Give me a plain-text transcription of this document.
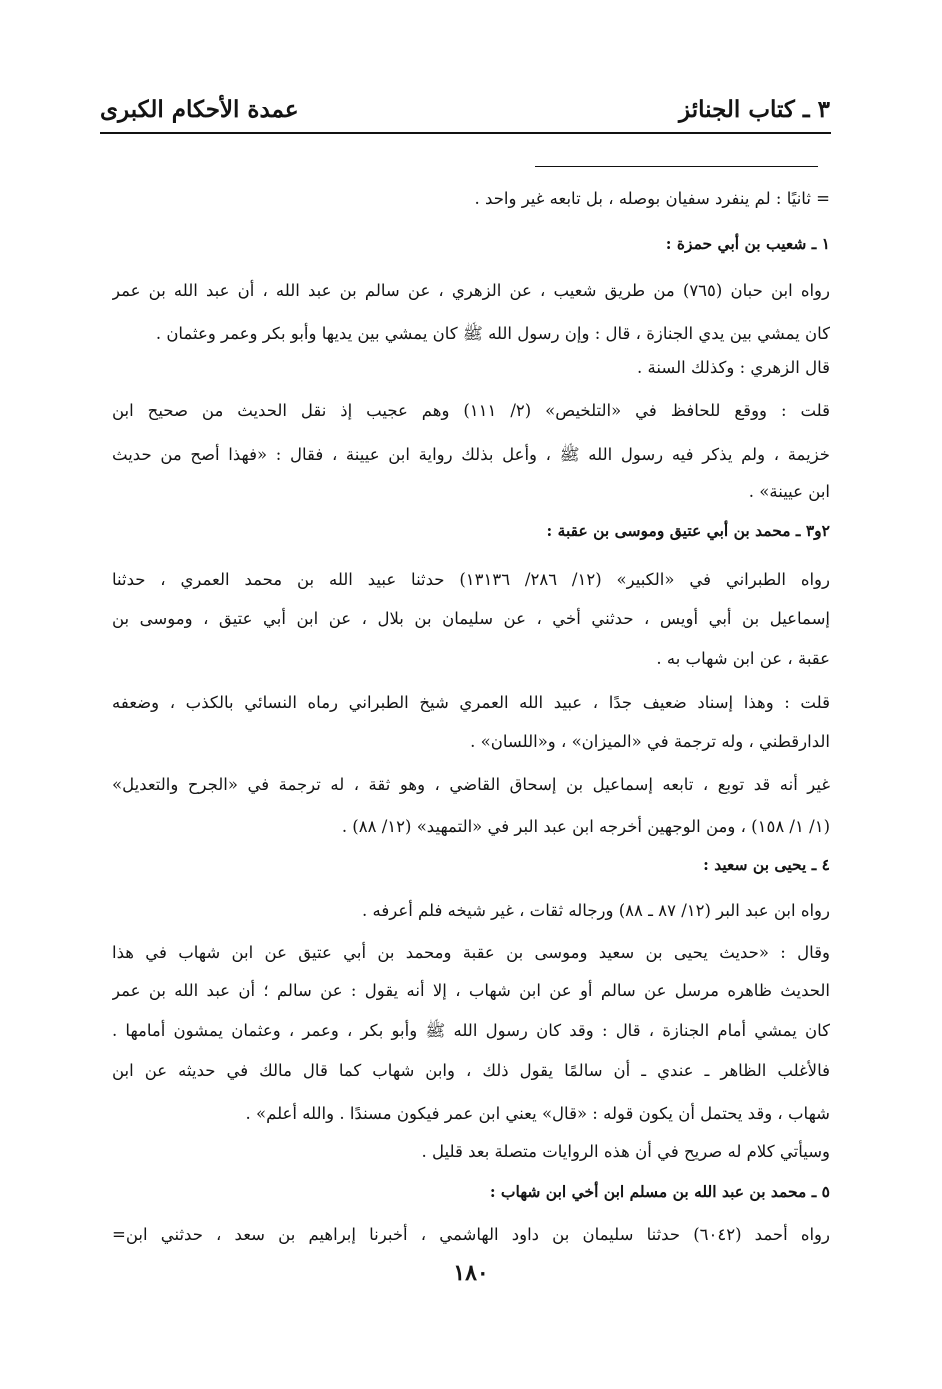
٣ ـ كتاب الجنائز
عمدة الأحكام الكبرى
= ثانيًا : لم ينفرد سفيان بوصله ، بل تابعه غير واحد .
١ ـ شعيب بن أبي حمزة :
رواه ابن حبان (٧٦٥) من طريق شعيب ، عن الزهري ، عن سالم بن عبد الله ، أن عبد الله بن عمر
كان يمشي بين يدي الجنازة ، قال : وإن رسول الله ﷺ كان يمشي بين يديها وأبو بكر وعمر وعثمان .
قال الزهري : وكذلك السنة .
قلت : ووقع للحافظ في «التلخيص» (٢/ ١١١) وهم عجيب إذ نقل الحديث من صحيح ابن
خزيمة ، ولم يذكر فيه رسول الله ﷺ ، وأعل بذلك رواية ابن عيينة ، فقال : «فهذا أصح من حديث
ابن عيينة» .
٢و٣ ـ محمد بن أبي عتيق وموسى بن عقبة :
رواه الطبراني في «الكبير» (١٢/ ٢٨٦/ ١٣١٣٦) حدثنا عبيد الله بن محمد العمري ، حدثنا
إسماعيل بن أبي أويس ، حدثني أخي ، عن سليمان بن بلال ، عن ابن أبي عتيق ، وموسى بن
عقبة ، عن ابن شهاب به .
قلت : وهذا إسناد ضعيف جدًا ، عبيد الله العمري شيخ الطبراني رماه النسائي بالكذب ، وضعفه
الدارقطني ، وله ترجمة في «الميزان» ، و«اللسان» .
غير أنه قد توبع ، تابعه إسماعيل بن إسحاق القاضي ، وهو ثقة ، له ترجمة في «الجرح والتعديل»
(١/ ١/ ١٥٨) ، ومن الوجهين أخرجه ابن عبد البر في «التمهيد» (١٢/ ٨٨) .
٤ ـ يحيى بن سعيد :
رواه ابن عبد البر (١٢/ ٨٧ ـ ٨٨) ورجاله ثقات ، غير شيخه فلم أعرفه .
وقال : «حديث يحيى بن سعيد وموسى بن عقبة ومحمد بن أبي عتيق عن ابن شهاب في هذا
الحديث ظاهره مرسل عن سالم أو عن ابن شهاب ، إلا أنه يقول : عن سالم ؛ أن عبد الله بن عمر
كان يمشي أمام الجنازة ، قال : وقد كان رسول الله ﷺ وأبو بكر ، وعمر ، وعثمان يمشون أمامها .
فالأغلب الظاهر ـ عندي ـ أن سالمًا يقول ذلك ، وابن شهاب كما قال مالك في حديثه عن ابن
شهاب ، وقد يحتمل أن يكون قوله : «قال» يعني ابن عمر فيكون مسندًا . والله أعلم» .
وسيأتي كلام له صريح في أن هذه الروايات متصلة بعد قليل .
٥ ـ محمد بن عبد الله بن مسلم ابن أخي ابن شهاب :
رواه أحمد (٦٠٤٢) حدثنا سليمان بن داود الهاشمي ، أخبرنا إبراهيم بن سعد ، حدثني ابن=
١٨٠
